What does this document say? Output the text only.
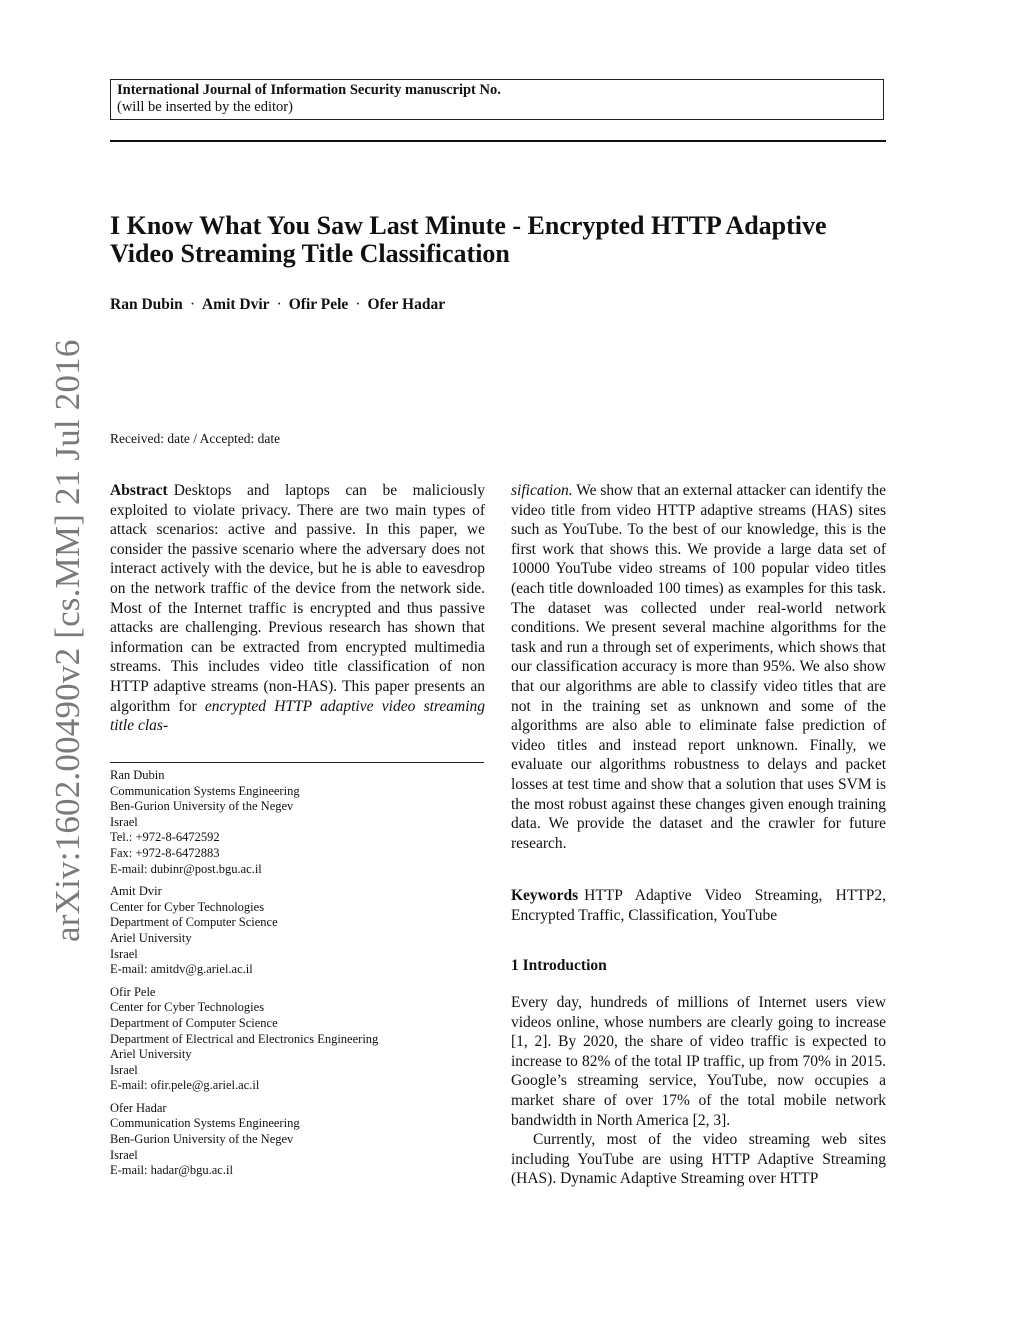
International Journal of Information Security manuscript No.
(will be inserted by the editor)
I Know What You Saw Last Minute - Encrypted HTTP Adaptive Video Streaming Title Classification
Ran Dubin · Amit Dvir · Ofir Pele · Ofer Hadar
arXiv:1602.00490v2 [cs.MM] 21 Jul 2016 Received: date / Accepted: date

Abstract Desktops and laptops can be maliciously exploited to violate privacy. There are two main types of attack scenarios: active and passive. In this paper, we consider the passive scenario where the adversary does not interact actively with the device, but he is able to eavesdrop on the network traffic of the device from the network side. Most of the Internet traffic is encrypted and thus passive attacks are challenging. Previous research has shown that information can be extracted from encrypted multimedia streams. This includes video title classification of non HTTP adaptive streams (non-HAS). This paper presents an algorithm for encrypted HTTP adaptive video streaming title clas-

Ran Dubin
Communication Systems Engineering
Ben-Gurion University of the Negev
Israel
Tel.: +972-8-6472592
Fax: +972-8-6472883
E-mail: dubinr@post.bgu.ac.il
Amit Dvir
Center for Cyber Technologies
Department of Computer Science
Ariel University
Israel
E-mail: amitdv@g.ariel.ac.il
Ofir Pele
Center for Cyber Technologies
Department of Computer Science
Department of Electrical and Electronics Engineering
Ariel University
Israel
E-mail: ofir.pele@g.ariel.ac.il
Ofer Hadar
Communication Systems Engineering
Ben-Gurion University of the Negev
Israel
E-mail: hadar@bgu.ac.il

sification. We show that an external attacker can identify the video title from video HTTP adaptive streams (HAS) sites such as YouTube. To the best of our knowledge, this is the first work that shows this. We provide a large data set of 10000 YouTube video streams of 100 popular video titles (each title downloaded 100 times) as examples for this task. The dataset was collected under real-world network conditions. We present several machine algorithms for the task and run a through set of experiments, which shows that our classification accuracy is more than 95%. We also show that our algorithms are able to classify video titles that are not in the training set as unknown and some of the algorithms are also able to eliminate false prediction of video titles and instead report unknown. Finally, we evaluate our algorithms robustness to delays and packet losses at test time and show that a solution that uses SVM is the most robust against these changes given enough training data. We provide the dataset and the crawler for future research.

Keywords HTTP Adaptive Video Streaming, HTTP2, Encrypted Traffic, Classification, YouTube
1 Introduction

Every day, hundreds of millions of Internet users view videos online, whose numbers are clearly going to increase [1, 2]. By 2020, the share of video traffic is expected to increase to 82% of the total IP traffic, up from 70% in 2015. Google’s streaming service, YouTube, now occupies a market share of over 17% of the total mobile network bandwidth in North America [2, 3].

Currently, most of the video streaming web sites including YouTube are using HTTP Adaptive Streaming (HAS). Dynamic Adaptive Streaming over HTTP
